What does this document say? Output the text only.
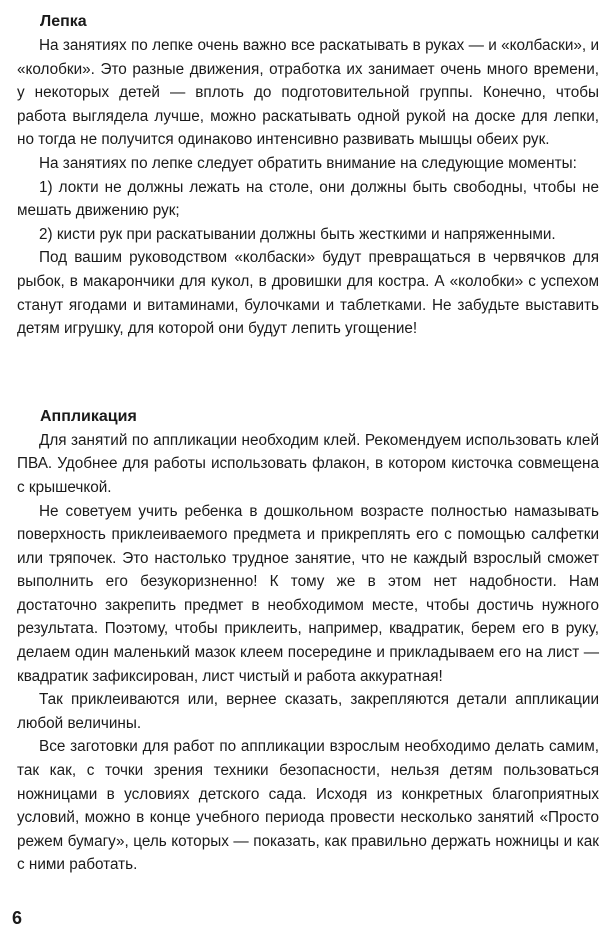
Лепка

На занятиях по лепке очень важно все раскатывать в руках — и «колбаски», и «колобки». Это разные движения, отработка их занимает очень много времени, у некоторых детей — вплоть до подготовительной группы. Конечно, чтобы работа выглядела лучше, можно раскатывать одной рукой на доске для лепки, но тогда не получится одинаково интенсивно развивать мышцы обеих рук.

На занятиях по лепке следует обратить внимание на следующие моменты:

1) локти не должны лежать на столе, они должны быть свободны, чтобы не мешать движению рук;

2) кисти рук при раскатывании должны быть жесткими и напряженными.

Под вашим руководством «колбаски» будут превращаться в червячков для рыбок, в макарончики для кукол, в дровишки для костра. А «колобки» с успехом станут ягодами и витаминами, булочками и таблетками. Не забудьте выставить детям игрушку, для которой они будут лепить угощение!

Аппликация

Для занятий по аппликации необходим клей. Рекомендуем использовать клей ПВА. Удобнее для работы использовать флакон, в котором кисточка совмещена с крышечкой.

Не советуем учить ребенка в дошкольном возрасте полностью намазывать поверхность приклеиваемого предмета и прикреплять его с помощью салфетки или тряпочек. Это настолько трудное занятие, что не каждый взрослый сможет выполнить его безукоризненно! К тому же в этом нет надобности. Нам достаточно закрепить предмет в необходимом месте, чтобы достичь нужного результата. Поэтому, чтобы приклеить, например, квадратик, берем его в руку, делаем один маленький мазок клеем посередине и прикладываем его на лист — квадратик зафиксирован, лист чистый и работа аккуратная!

Так приклеиваются или, вернее сказать, закрепляются детали аппликации любой величины.

Все заготовки для работ по аппликации взрослым необходимо делать самим, так как, с точки зрения техники безопасности, нельзя детям пользоваться ножницами в условиях детского сада. Исходя из конкретных благоприятных условий, можно в конце учебного периода провести несколько занятий «Просто режем бумагу», цель которых — показать, как правильно держать ножницы и как с ними работать.

6
